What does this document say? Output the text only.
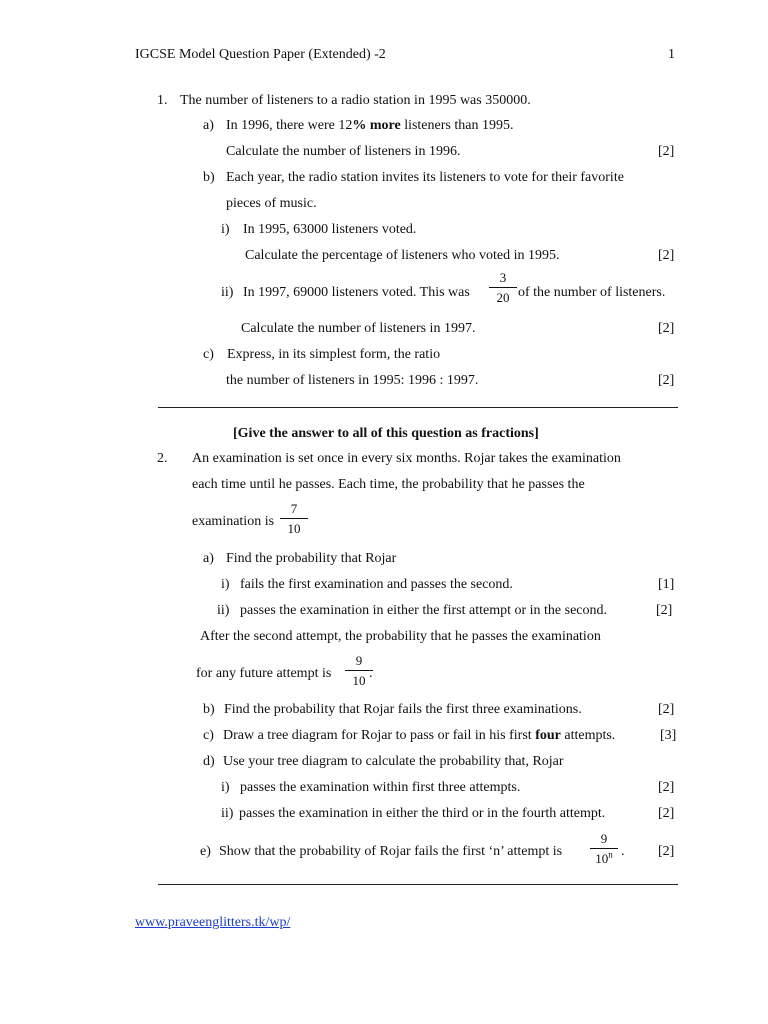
IGCSE Model Question Paper (Extended) -2	1
1. The number of listeners to a radio station in 1995 was 350000.
a) In 1996, there were 12% more listeners than 1995.
Calculate the number of listeners in 1996.	[2]
b) Each year, the radio station invites its listeners to vote for their favorite
pieces of music.
i) In 1995, 63000 listeners voted.
Calculate the percentage of listeners who voted in 1995.	[2]
ii) In 1997, 69000 listeners voted. This was
3
20 of the number of listeners.
Calculate the number of listeners in 1997.	[2]
c) Express, in its simplest form, the ratio
the number of listeners in 1995: 1996 : 1997.	[2]
[Give the answer to all of this question as fractions]
2. An examination is set once in every six months. Rojar takes the examination
each time until he passes. Each time, the probability that he passes the
examination is
7
10
a) Find the probability that Rojar
i) fails the first examination and passes the second.	[1]
ii) passes the examination in either the first attempt or in the second.	[2]
After the second attempt, the probability that he passes the examination
for any future attempt is
9
10 .
b) Find the probability that Rojar fails the first three examinations.	[2]
c) Draw a tree diagram for Rojar to pass or fail in his first four attempts.	[3]
d) Use your tree diagram to calculate the probability that, Rojar
i) passes the examination within first three attempts.	[2]
ii) passes the examination in either the third or in the fourth attempt.	[2]
e) Show that the probability of Rojar fails the first ‘n’ attempt is
9
10$^n$ . [2]
www.praveenglitters.tk/wp/
